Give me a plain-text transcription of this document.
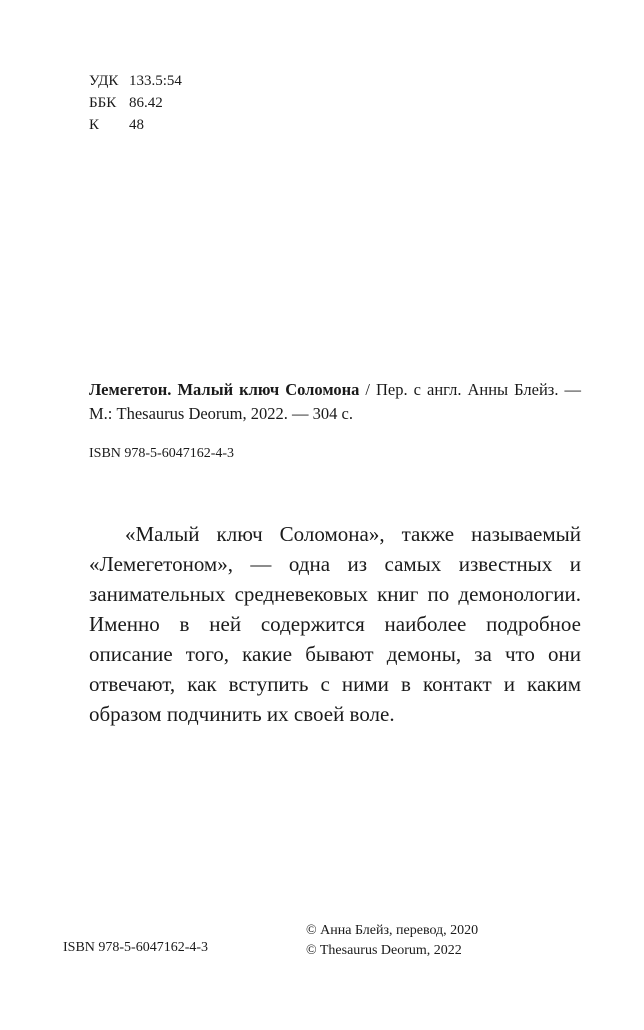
УДК 133.5:54
ББК 86.42
К	48
Лемегетон. Малый ключ Соломона / Пер. с англ. Анны Блейз. — М.: Thesaurus Deorum, 2022. — 304 с.
ISBN 978-5-6047162-4-3

«Малый ключ Соломона», также называемый «Лемегетоном», — одна из самых известных и занимательных средневековых книг по демонологии. Именно в ней содержится наиболее подробное описание того, какие бывают демоны, за что они отвечают, как вступить с ними в контакт и каким образом подчинить их своей воле.

ISBN 978-5-6047162-4-3
© Анна Блейз, перевод, 2020
© Thesaurus Deorum, 2022
